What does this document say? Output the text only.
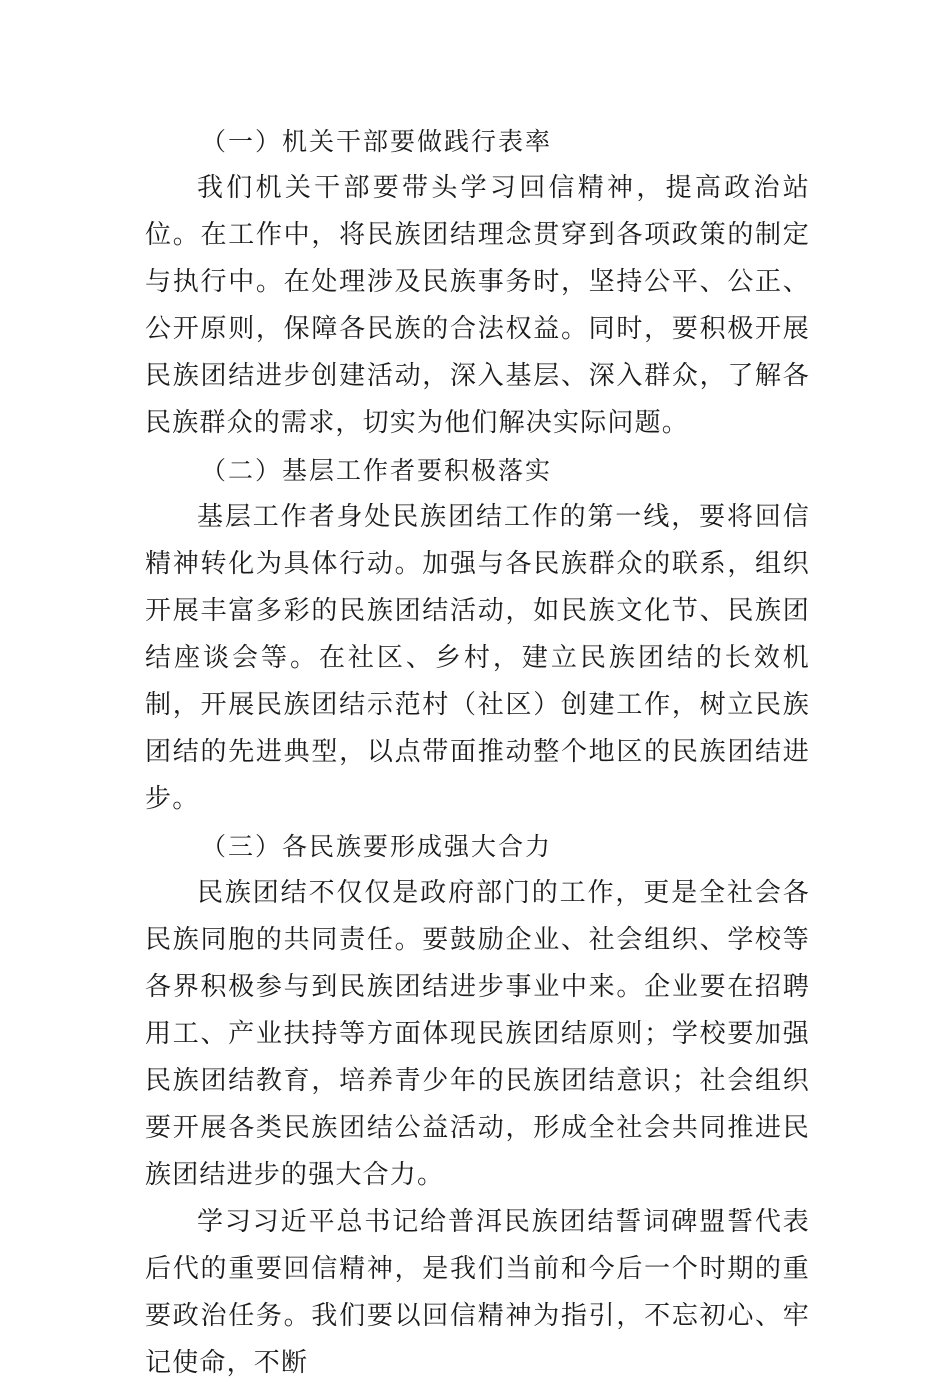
（一）机关干部要做践行表率

我们机关干部要带头学习回信精神，提高政治站位。在工作中，将民族团结理念贯穿到各项政策的制定与执行中。在处理涉及民族事务时，坚持公平、公正、公开原则，保障各民族的合法权益。同时，要积极开展民族团结进步创建活动，深入基层、深入群众，了解各民族群众的需求，切实为他们解决实际问题。

（二）基层工作者要积极落实

基层工作者身处民族团结工作的第一线，要将回信精神转化为具体行动。加强与各民族群众的联系，组织开展丰富多彩的民族团结活动，如民族文化节、民族团结座谈会等。在社区、乡村，建立民族团结的长效机制，开展民族团结示范村（社区）创建工作，树立民族团结的先进典型，以点带面推动整个地区的民族团结进步。

（三）各民族要形成强大合力

民族团结不仅仅是政府部门的工作，更是全社会各民族同胞的共同责任。要鼓励企业、社会组织、学校等各界积极参与到民族团结进步事业中来。企业要在招聘用工、产业扶持等方面体现民族团结原则；学校要加强民族团结教育，培养青少年的民族团结意识；社会组织要开展各类民族团结公益活动，形成全社会共同推进民族团结进步的强大合力。

学习习近平总书记给普洱民族团结誓词碑盟誓代表后代的重要回信精神，是我们当前和今后一个时期的重要政治任务。我们要以回信精神为指引，不忘初心、牢记使命，不断
